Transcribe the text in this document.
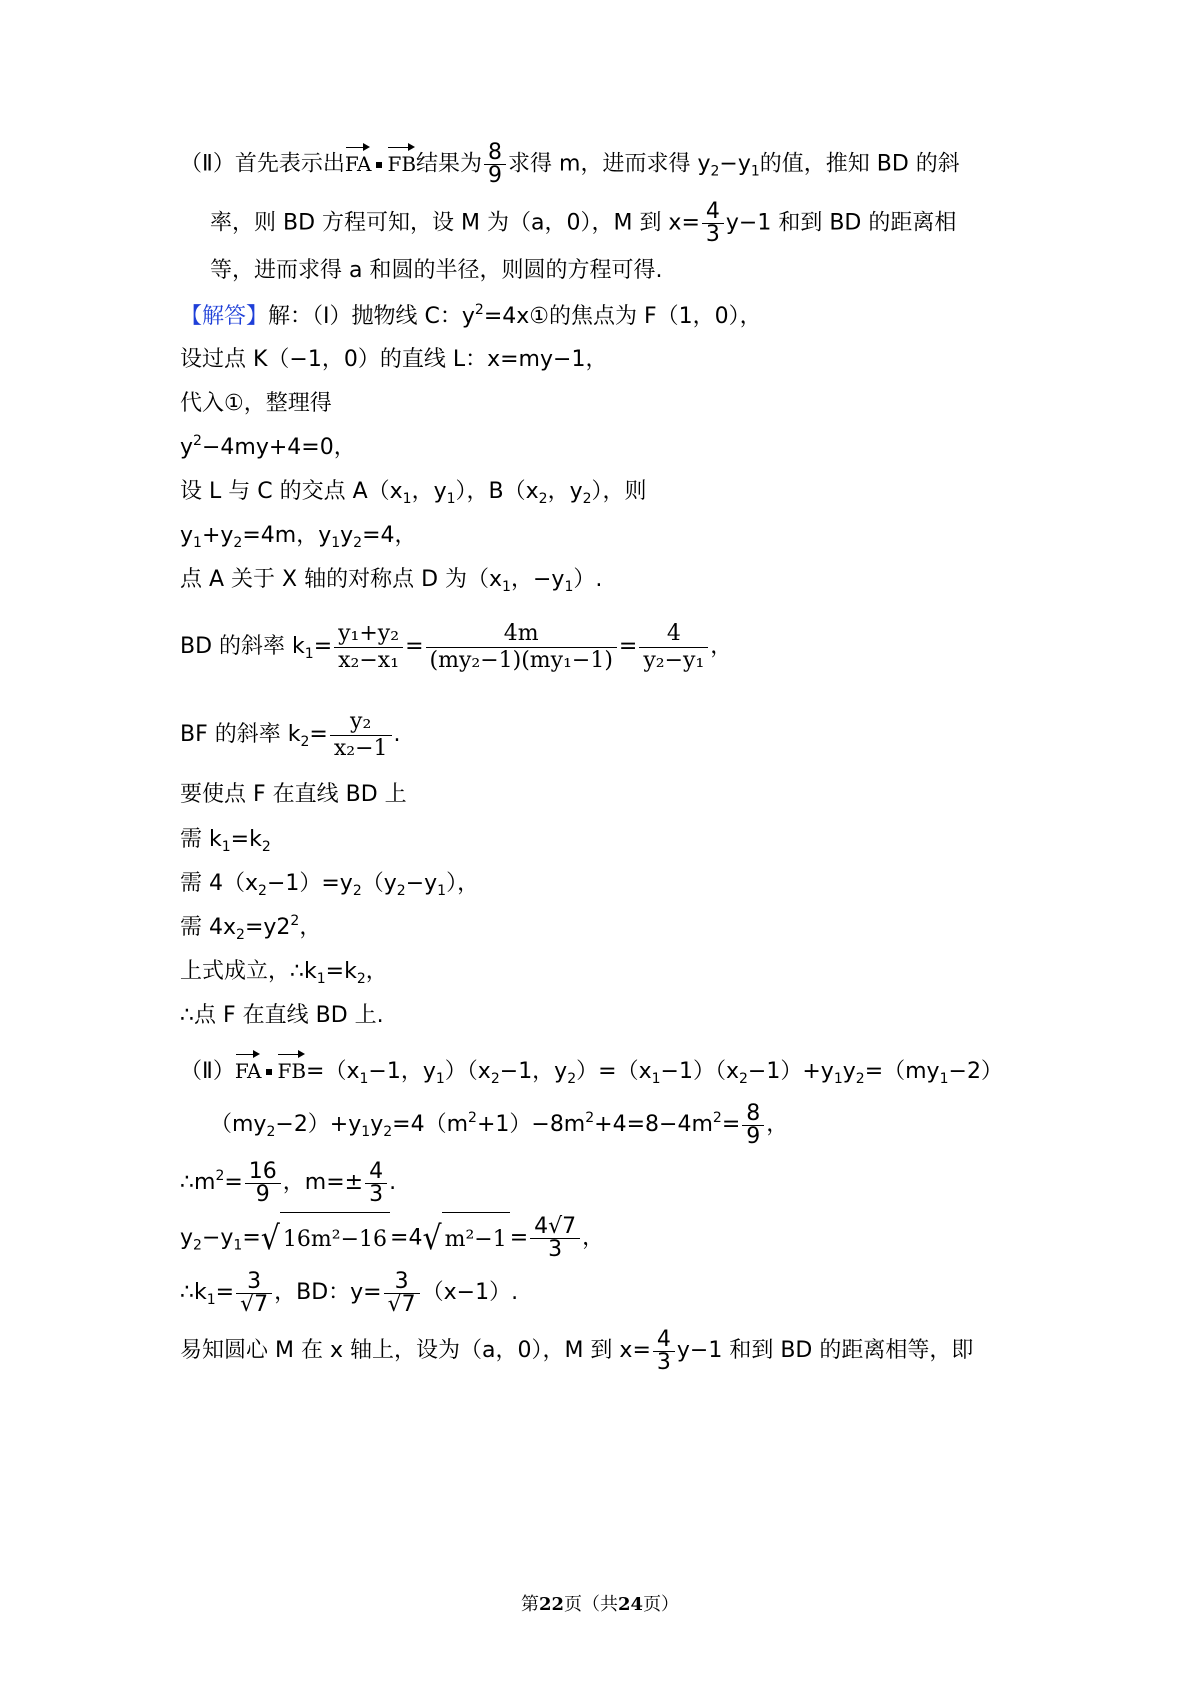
（Ⅱ）首先表示出FA FB结果为 $\frac{8}{9}$ 求得 m，进而求得 $y_2-y_1$的值，推知 BD 的斜
率，则 BD 方程可知，设 M 为（a，0），M 到 $x= \frac{4}{3} y-1$ 和到 BD 的距离相
等，进而求得 a 和圆的半径，则圆的方程可得.
【解答】解：（Ⅰ）抛物线 C：$y^2=4x①$的焦点为 F（1，0），
设过点 K（−1，0）的直线 L：x=my−1，
代入①，整理得
$y^2-4my+4=0$，
设 L 与 C 的交点 $A(x_1$，$y_1$），$B(x_2$，$y_2$），则
$y_1+y_2=4m$，$y_1y_2=4$，
点 A 关于 X 轴的对称点 D 为（$x_1$，$-y_1$）.
BD 的斜率 $k_1= \frac{\text{y₁+y₂}}{\text{x₂−x₁}} = \frac{4m}{\text{(my₂−1)(my₁−1)}} = \frac{4}{\text{y₂−y₁}}$ ，
BF 的斜率 $k_2= \frac{\text{y₂}}{\text{x₂−1}}$ .
要使点 F 在直线 BD 上
需 $k_1=k_2$
需 $4(x_2-1)=y_2(y_2-y_1)$，
需 $4x_2=y2^2$，
上式成立，$\therefore k_1=k_2$，
∴点 F 在直线 BD 上.
（Ⅱ）FA $FB=(x_1-1$，$y_1)(x_2-1$，$y_2)=(x_1-1)(x_2-1)+y_1y_2=(my_1-2)$
$(my_2-2)+y_1y_2=4(m^2+1)-8m^2+4=8-4m^2= \frac{8}{9}$ ，
$\therefore m^2= \frac{16}{9}$ ，$m=\pm \frac{4}{3}$ .
$y_2-y_1=√$ 16m²−16 =4√ $m^2-1 = \frac{4√7}{3}$ ，
$\therefore k_1= \frac{3}{√7}$ ，BD：$y= \frac{3}{√7} (x-1)$.
易知圆心 M 在 x 轴上，设为（a，0），M 到 $x= \frac{4}{3} y-1$ 和到 BD 的距离相等，即
第22页（共24页）
